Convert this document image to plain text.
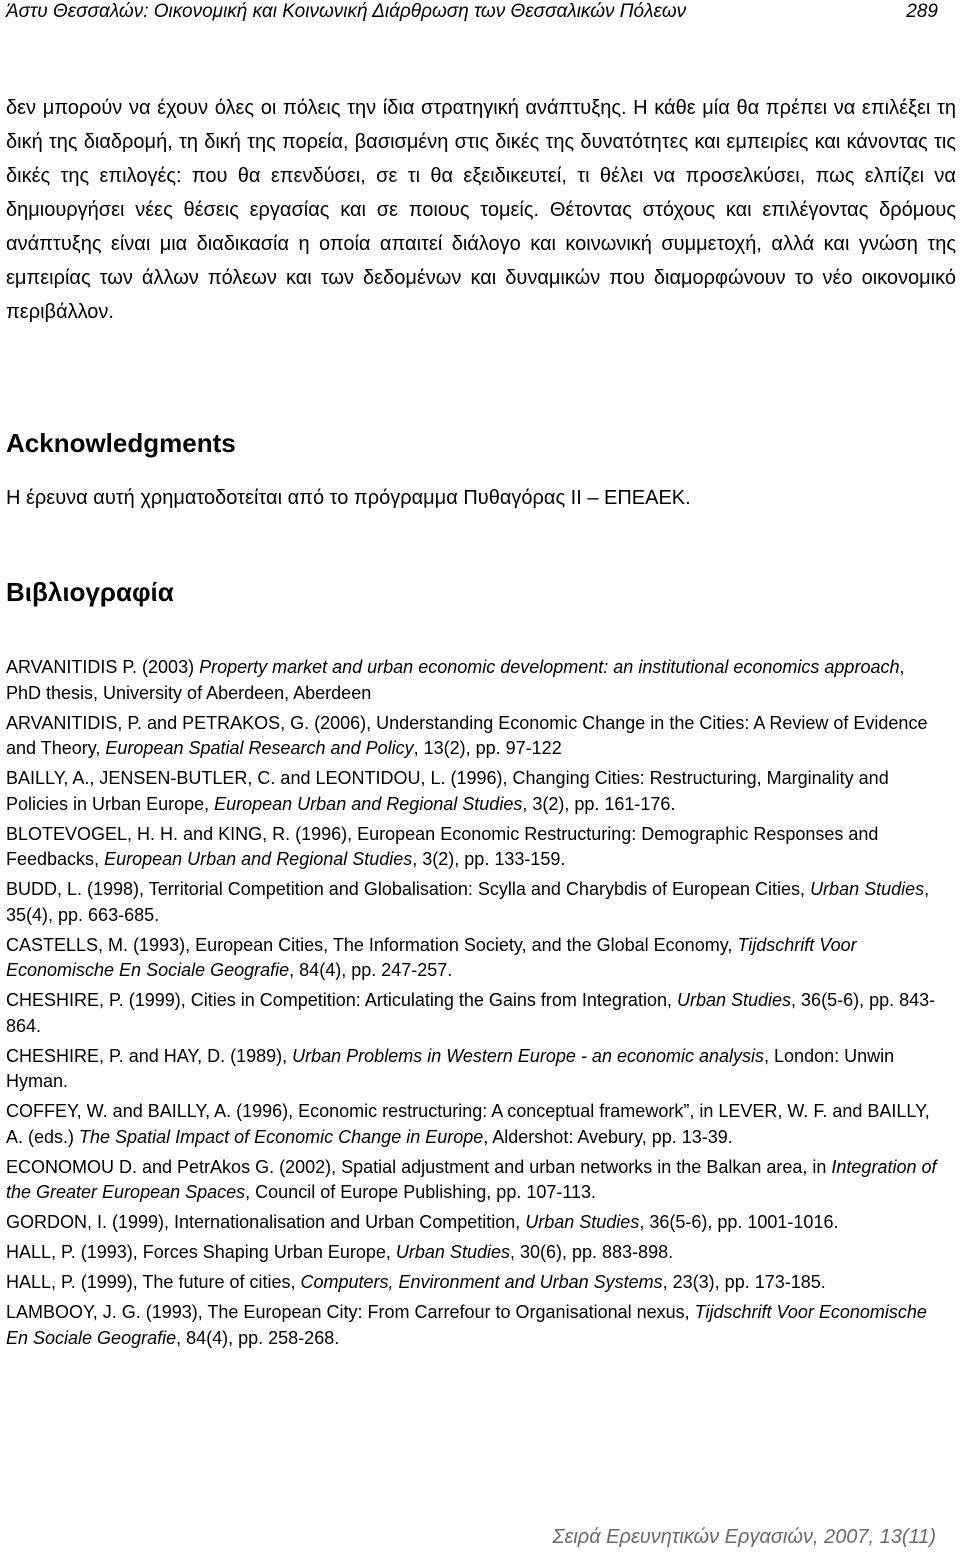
Άστυ Θεσσαλών: Οικονομική και Κοινωνική Διάρθρωση των Θεσσαλικών Πόλεων	289

δεν μπορούν να έχουν όλες οι πόλεις την ίδια στρατηγική ανάπτυξης. Η κάθε μία θα πρέπει να επιλέξει τη δική της διαδρομή, τη δική της πορεία, βασισμένη στις δικές της δυνατότητες και εμπειρίες και κάνοντας τις δικές της επιλογές: που θα επενδύσει, σε τι θα εξειδικευτεί, τι θέλει να προσελκύσει, πως ελπίζει να δημιουργήσει νέες θέσεις εργασίας και σε ποιους τομείς. Θέτοντας στόχους και επιλέγοντας δρόμους ανάπτυξης είναι μια διαδικασία η οποία απαιτεί διάλογο και κοινωνική συμμετοχή, αλλά και γνώση της εμπειρίας των άλλων πόλεων και των δεδομένων και δυναμικών που διαμορφώνουν το νέο οικονομικό περιβάλλον.

Acknowledgments

Η έρευνα αυτή χρηματοδοτείται από το πρόγραμμα Πυθαγόρας ΙΙ – ΕΠΕΑΕΚ.

Βιβλιογραφία
ARVANITIDIS P. (2003) Property market and urban economic development: an institutional economics approach, PhD thesis, University of Aberdeen, Aberdeen
ARVANITIDIS, P. and PETRAKOS, G. (2006), Understanding Economic Change in the Cities: A Review of Evidence and Theory, European Spatial Research and Policy, 13(2), pp. 97-122
BAILLY, A., JENSEN-BUTLER, C. and LEONTIDOU, L. (1996), Changing Cities: Restructuring, Marginality and Policies in Urban Europe, European Urban and Regional Studies, 3(2), pp. 161-176.
BLOTEVOGEL, H. H. and KING, R. (1996), European Economic Restructuring: Demographic Responses and Feedbacks, European Urban and Regional Studies, 3(2), pp. 133-159.
BUDD, L. (1998), Territorial Competition and Globalisation: Scylla and Charybdis of European Cities, Urban Studies, 35(4), pp. 663-685.
CASTELLS, M. (1993), European Cities, The Information Society, and the Global Economy, Tijdschrift Voor Economische En Sociale Geografie, 84(4), pp. 247-257.
CHESHIRE, P. (1999), Cities in Competition: Articulating the Gains from Integration, Urban Studies, 36(5-6), pp. 843-864.
CHESHIRE, P. and HAY, D. (1989), Urban Problems in Western Europe - an economic analysis, London: Unwin Hyman.
COFFEY, W. and BAILLY, A. (1996), Economic restructuring: A conceptual framework”, in LEVER, W. F. and BAILLY, A. (eds.) The Spatial Impact of Economic Change in Europe, Aldershot: Avebury, pp. 13-39.
ECONOMOU D. and PetrAkos G. (2002), Spatial adjustment and urban networks in the Balkan area, in Integration of the Greater European Spaces, Council of Europe Publishing, pp. 107-113.
GORDON, I. (1999), Internationalisation and Urban Competition, Urban Studies, 36(5-6), pp. 1001-1016.
HALL, P. (1993), Forces Shaping Urban Europe, Urban Studies, 30(6), pp. 883-898.
HALL, P. (1999), The future of cities, Computers, Environment and Urban Systems, 23(3), pp. 173-185.
LAMBOOY, J. G. (1993), The European City: From Carrefour to Organisational nexus, Tijdschrift Voor Economische En Sociale Geografie, 84(4), pp. 258-268.
Σειρά Ερευνητικών Εργασιών, 2007, 13(11)
